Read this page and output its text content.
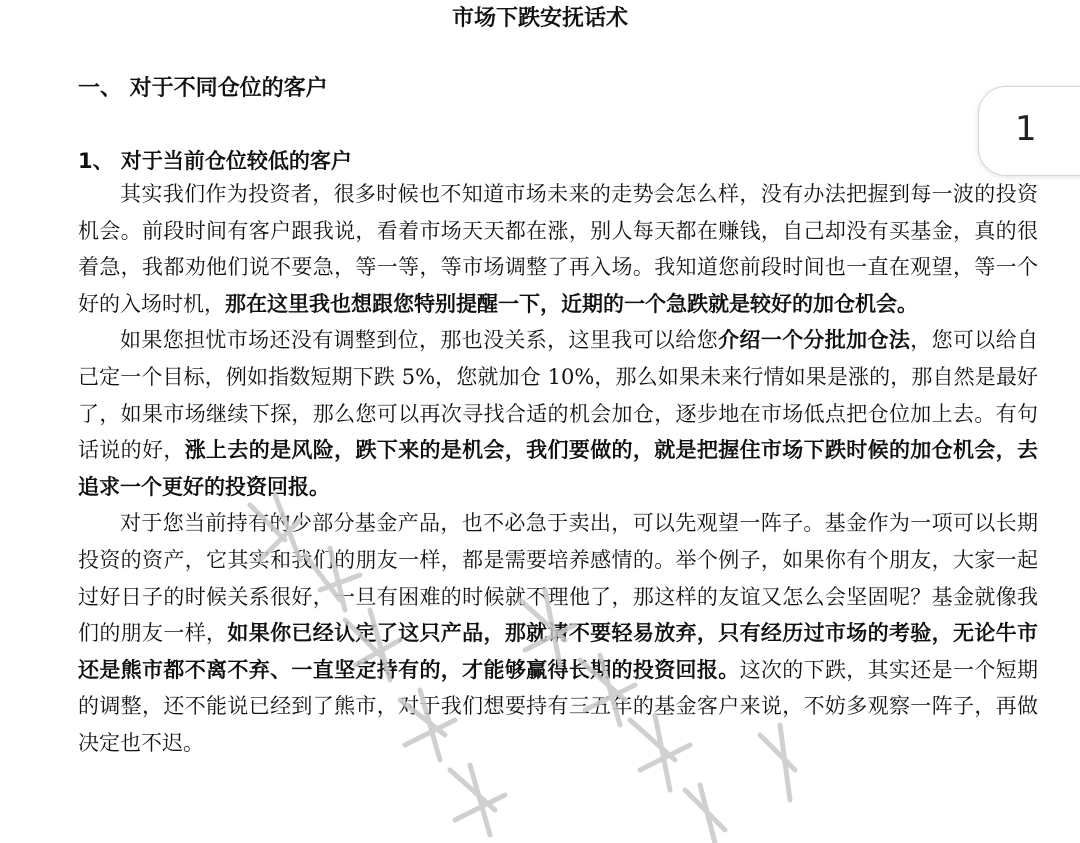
市场下跌安抚话术
一、 对于不同仓位的客户
1、 对于当前仓位较低的客户

其实我们作为投资者，很多时候也不知道市场未来的走势会怎么样，没有办法把握到每一波的投资机会。前段时间有客户跟我说，看着市场天天都在涨，别人每天都在赚钱，自己却没有买基金，真的很着急，我都劝他们说不要急，等一等，等市场调整了再入场。我知道您前段时间也一直在观望，等一个好的入场时机，那在这里我也想跟您特别提醒一下，近期的一个急跌就是较好的加仓机会。

如果您担忧市场还没有调整到位，那也没关系，这里我可以给您介绍一个分批加仓法，您可以给自己定一个目标，例如指数短期下跌 5%，您就加仓 10%，那么如果未来行情如果是涨的，那自然是最好了，如果市场继续下探，那么您可以再次寻找合适的机会加仓，逐步地在市场低点把仓位加上去。有句话说的好，涨上去的是风险，跌下来的是机会，我们要做的，就是把握住市场下跌时候的加仓机会，去追求一个更好的投资回报。

对于您当前持有的少部分基金产品，也不必急于卖出，可以先观望一阵子。基金作为一项可以长期投资的资产，它其实和我们的朋友一样，都是需要培养感情的。举个例子，如果你有个朋友，大家一起过好日子的时候关系很好，一旦有困难的时候就不理他了，那这样的友谊又怎么会坚固呢？基金就像我们的朋友一样，如果你已经认定了这只产品，那就请不要轻易放弃，只有经历过市场的考验，无论牛市还是熊市都不离不弃、一直坚定持有的，才能够赢得长期的投资回报。这次的下跌，其实还是一个短期的调整，还不能说已经到了熊市，对于我们想要持有三五年的基金客户来说，不妨多观察一阵子，再做决定也不迟。

1
